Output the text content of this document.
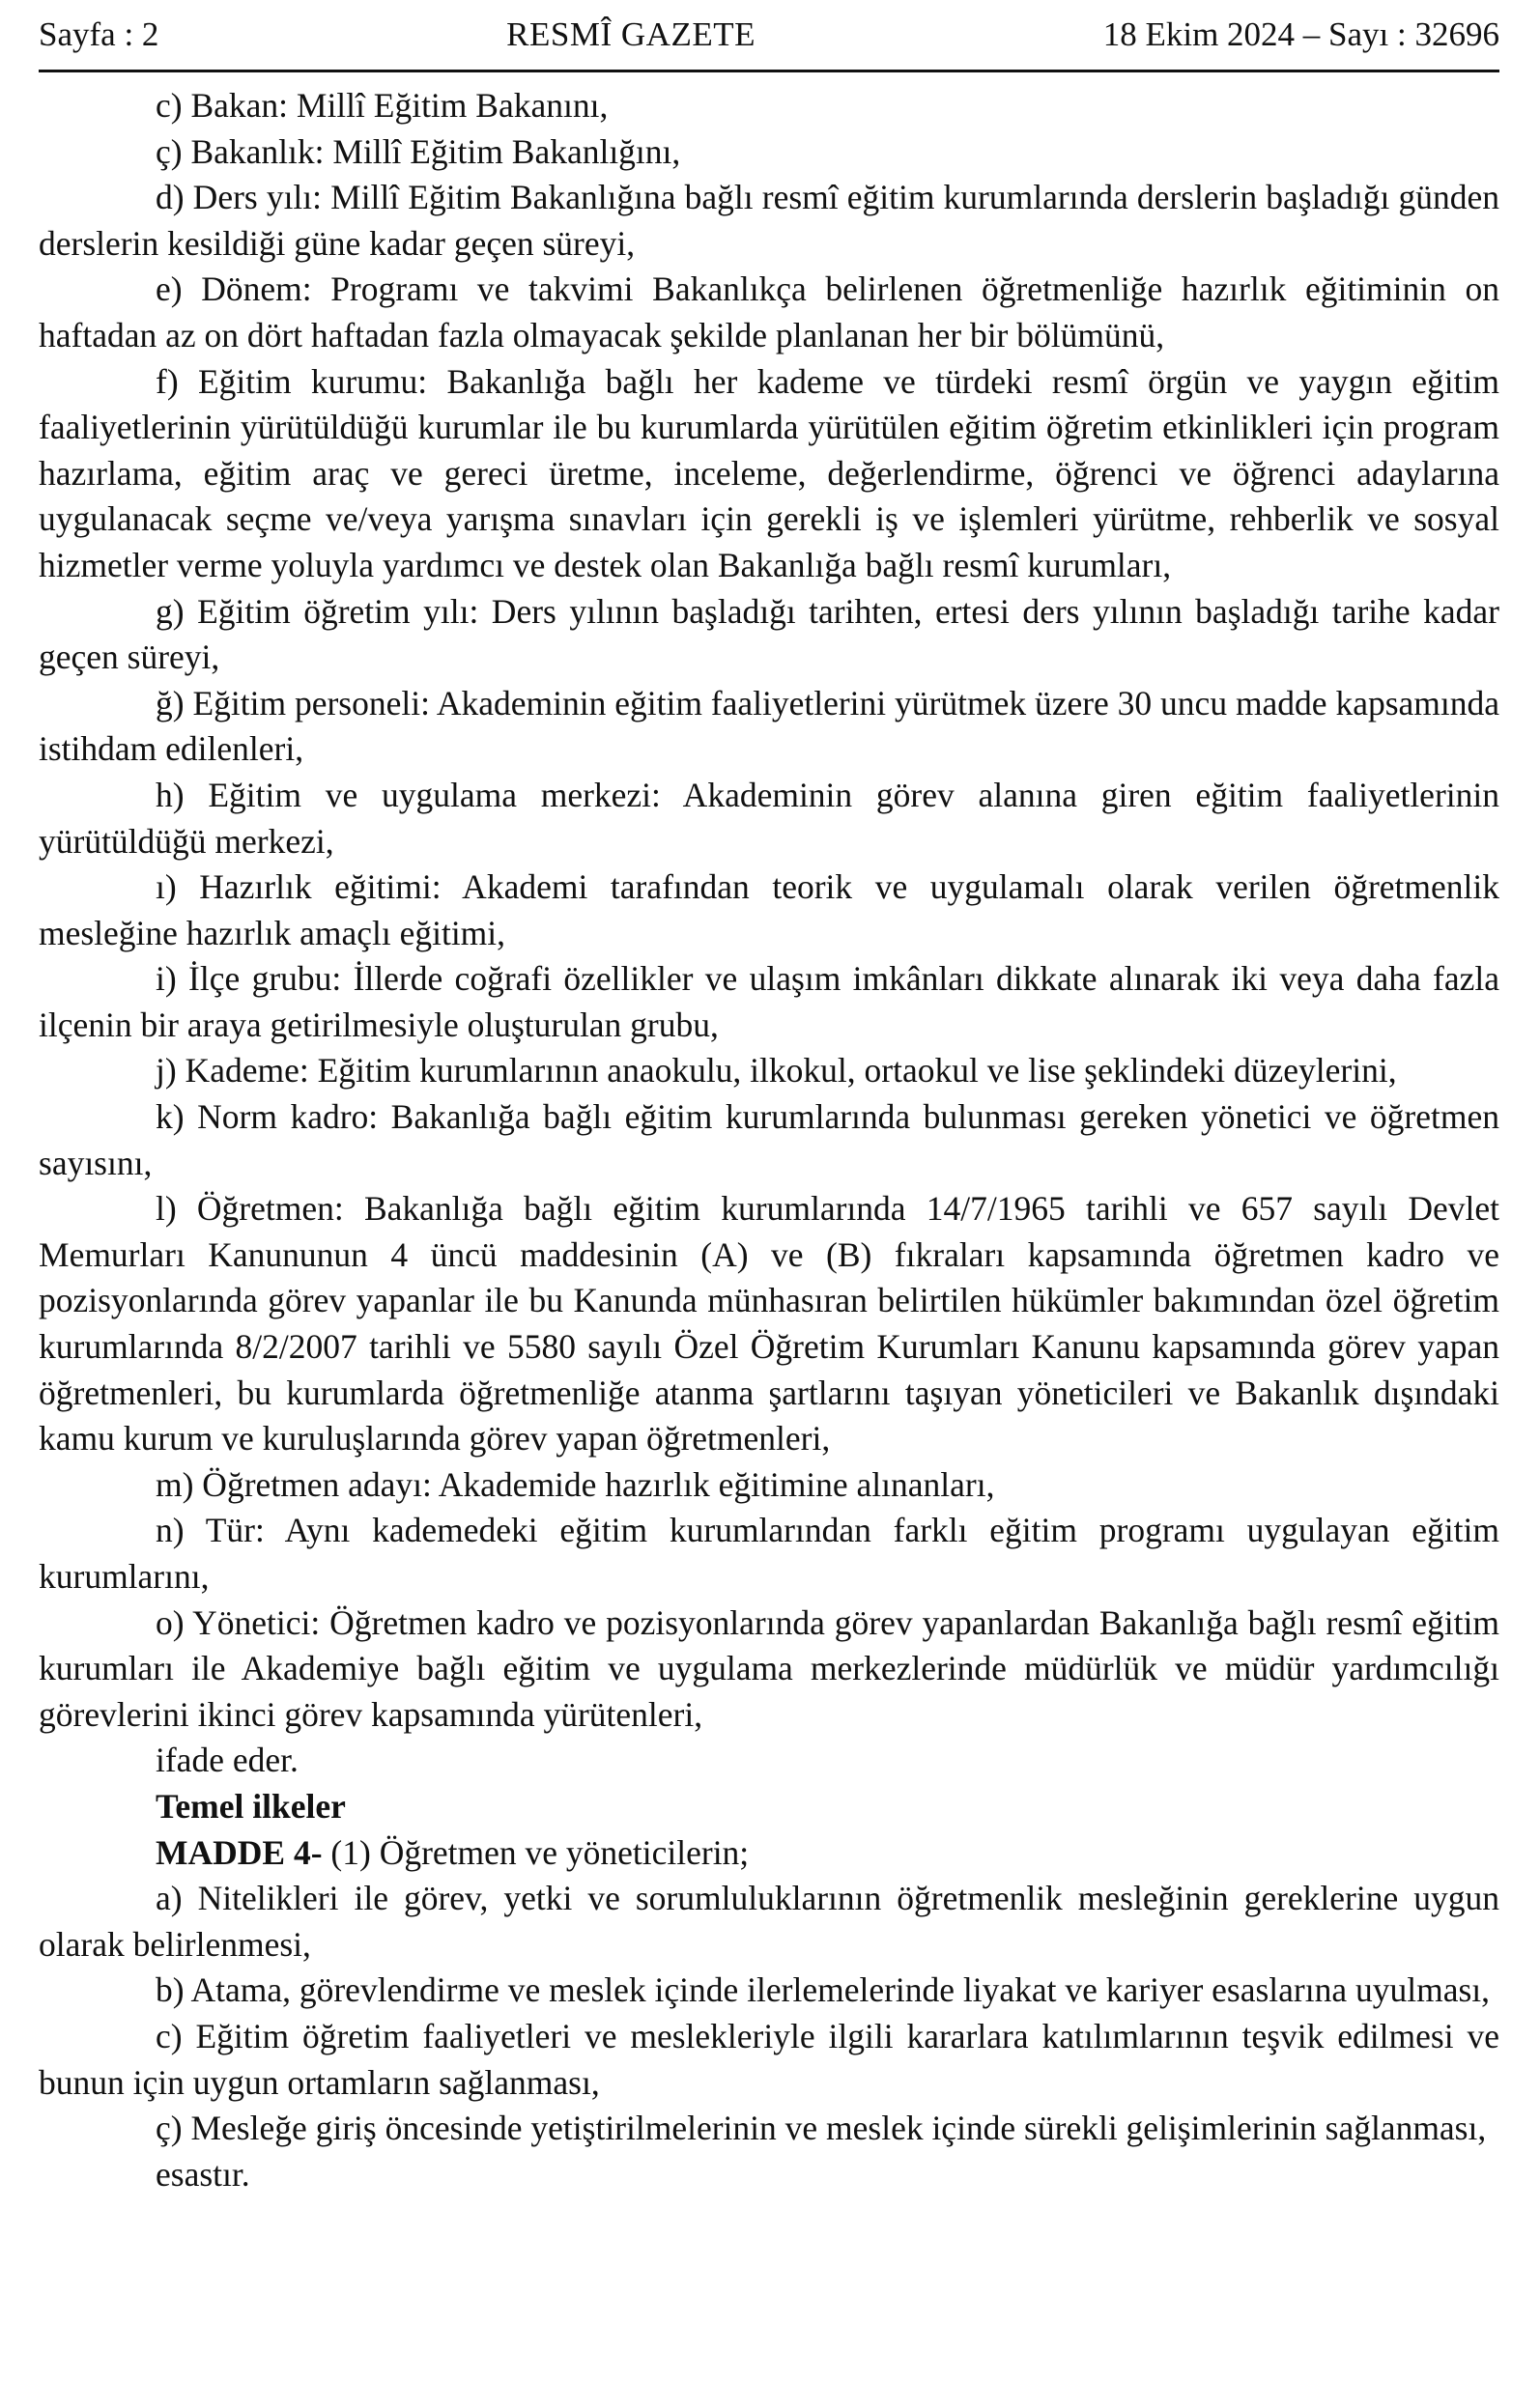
Sayfa : 2	RESMÎ GAZETE	18 Ekim 2024 – Sayı : 32696

c) Bakan: Millî Eğitim Bakanını,

ç) Bakanlık: Millî Eğitim Bakanlığını,

d) Ders yılı: Millî Eğitim Bakanlığına bağlı resmî eğitim kurumlarında derslerin başladığı günden derslerin kesildiği güne kadar geçen süreyi,

e) Dönem: Programı ve takvimi Bakanlıkça belirlenen öğretmenliğe hazırlık eğitiminin on haftadan az on dört haftadan fazla olmayacak şekilde planlanan her bir bölümünü,

f) Eğitim kurumu: Bakanlığa bağlı her kademe ve türdeki resmî örgün ve yaygın eğitim faaliyetlerinin yürütüldüğü kurumlar ile bu kurumlarda yürütülen eğitim öğretim etkinlikleri için program hazırlama, eğitim araç ve gereci üretme, inceleme, değerlendirme, öğrenci ve öğrenci adaylarına uygulanacak seçme ve/veya yarışma sınavları için gerekli iş ve işlemleri yürütme, rehberlik ve sosyal hizmetler verme yoluyla yardımcı ve destek olan Bakanlığa bağlı resmî kurumları,

g) Eğitim öğretim yılı: Ders yılının başladığı tarihten, ertesi ders yılının başladığı tarihe kadar geçen süreyi,

ğ) Eğitim personeli: Akademinin eğitim faaliyetlerini yürütmek üzere 30 uncu madde kapsamında istihdam edilenleri,

h) Eğitim ve uygulama merkezi: Akademinin görev alanına giren eğitim faaliyetlerinin yürütüldüğü merkezi,

ı) Hazırlık eğitimi: Akademi tarafından teorik ve uygulamalı olarak verilen öğretmenlik mesleğine hazırlık amaçlı eğitimi,

i) İlçe grubu: İllerde coğrafi özellikler ve ulaşım imkânları dikkate alınarak iki veya daha fazla ilçenin bir araya getirilmesiyle oluşturulan grubu,

j) Kademe: Eğitim kurumlarının anaokulu, ilkokul, ortaokul ve lise şeklindeki düzeylerini,

k) Norm kadro: Bakanlığa bağlı eğitim kurumlarında bulunması gereken yönetici ve öğretmen sayısını,

l) Öğretmen: Bakanlığa bağlı eğitim kurumlarında 14/7/1965 tarihli ve 657 sayılı Devlet Memurları Kanununun 4 üncü maddesinin (A) ve (B) fıkraları kapsamında öğretmen kadro ve pozisyonlarında görev yapanlar ile bu Kanunda münhasıran belirtilen hükümler bakımından özel öğretim kurumlarında 8/2/2007 tarihli ve 5580 sayılı Özel Öğretim Kurumları Kanunu kapsamında görev yapan öğretmenleri, bu kurumlarda öğretmenliğe atanma şartlarını taşıyan yöneticileri ve Bakanlık dışındaki kamu kurum ve kuruluşlarında görev yapan öğretmenleri,

m) Öğretmen adayı: Akademide hazırlık eğitimine alınanları,

n) Tür: Aynı kademedeki eğitim kurumlarından farklı eğitim programı uygulayan eğitim kurumlarını,

o) Yönetici: Öğretmen kadro ve pozisyonlarında görev yapanlardan Bakanlığa bağlı resmî eğitim kurumları ile Akademiye bağlı eğitim ve uygulama merkezlerinde müdürlük ve müdür yardımcılığı görevlerini ikinci görev kapsamında yürütenleri,

ifade eder.

Temel ilkeler

MADDE 4- (1) Öğretmen ve yöneticilerin;

a) Nitelikleri ile görev, yetki ve sorumluluklarının öğretmenlik mesleğinin gereklerine uygun olarak belirlenmesi,

b) Atama, görevlendirme ve meslek içinde ilerlemelerinde liyakat ve kariyer esaslarına uyulması,

c) Eğitim öğretim faaliyetleri ve meslekleriyle ilgili kararlara katılımlarının teşvik edilmesi ve bunun için uygun ortamların sağlanması,

ç) Mesleğe giriş öncesinde yetiştirilmelerinin ve meslek içinde sürekli gelişimlerinin sağlanması,

esastır.
